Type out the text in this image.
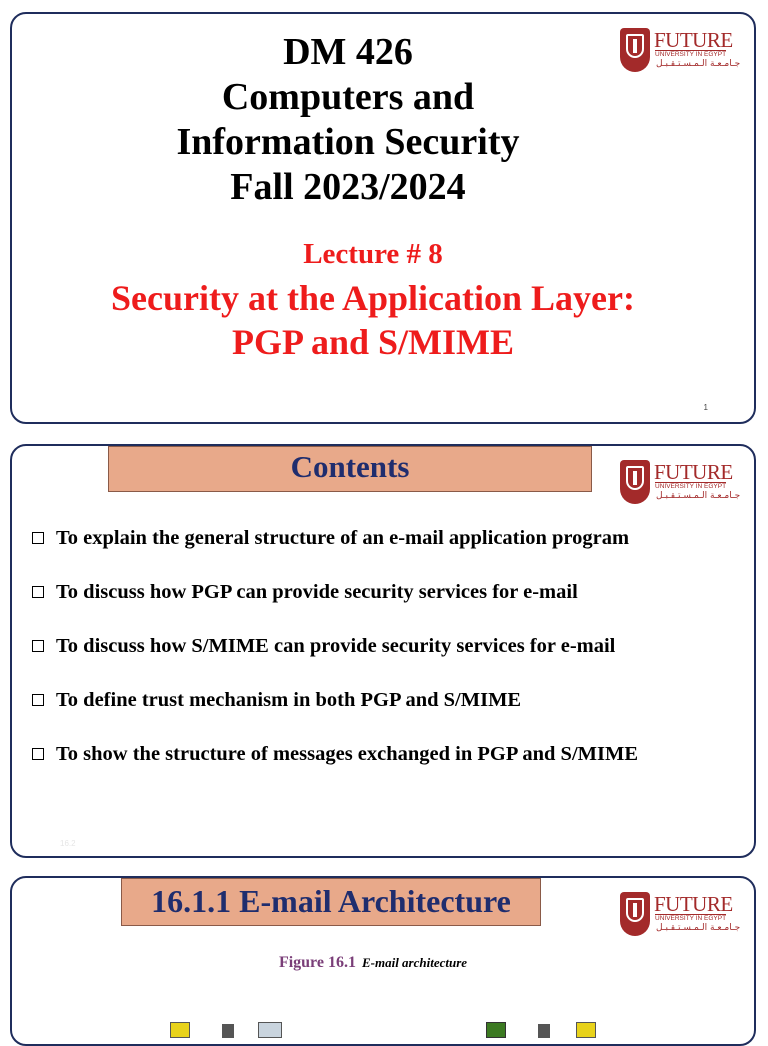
FUTURE
UNIVERSITY IN EGYPT
جـامـعـة الـمـسـتـقـبـل
DM 426
Computers and
Information Security
Fall 2023/2024
Lecture # 8
Security at the Application Layer:
PGP and S/MIME
1
Contents	FUTURE
UNIVERSITY IN EGYPT
جـامـعـة الـمـسـتـقـبـل
To explain the general structure of an e-mail application program
To discuss how PGP can provide security services for e-mail
To discuss how S/MIME can provide security services for e-mail
To define trust mechanism in both PGP and S/MIME
To show the structure of messages exchanged in PGP and S/MIME
16.2
16.1.1 E-mail Architecture	FUTURE
UNIVERSITY IN EGYPT
جـامـعـة الـمـسـتـقـبـل
Figure 16.1 E-mail architecture
